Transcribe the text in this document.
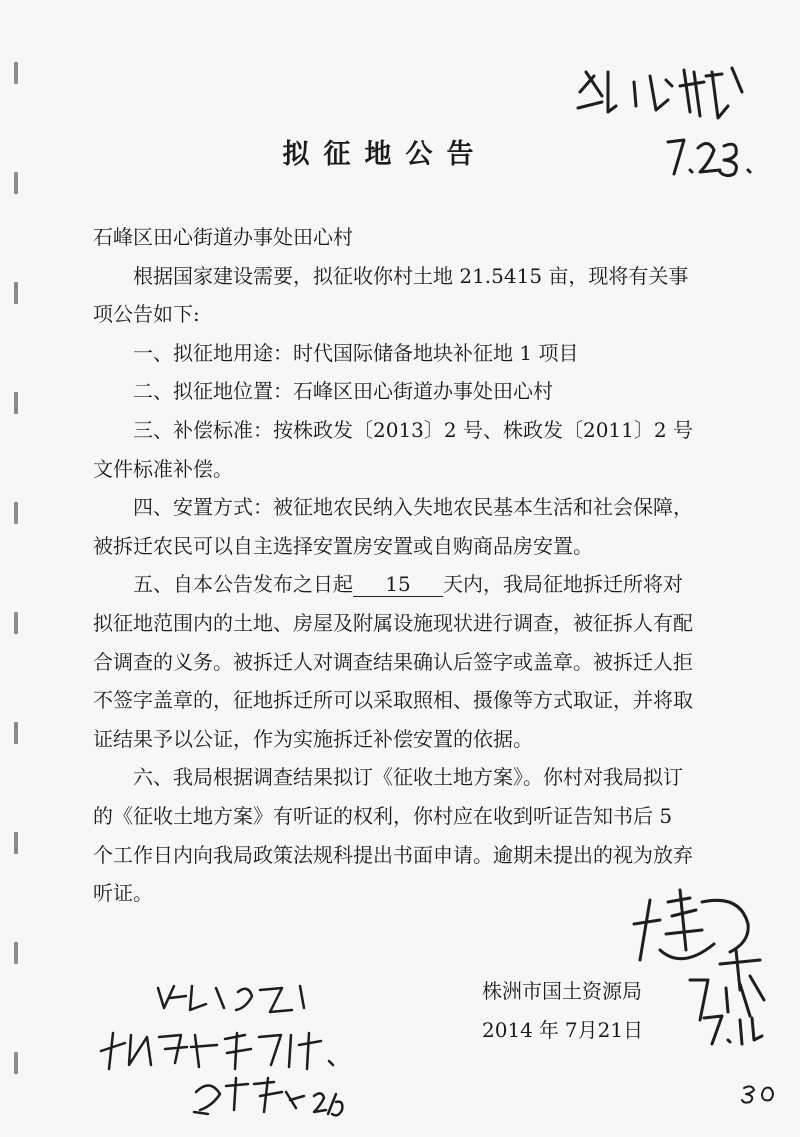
拟征地公告

石峰区田心街道办事处田心村

根据国家建设需要，拟征收你村土地 21.5415 亩，现将有关事项公告如下:

一、拟征地用途：时代国际储备地块补征地 1 项目

二、拟征地位置：石峰区田心街道办事处田心村

三、补偿标准：按株政发〔2013〕2 号、株政发〔2011〕2 号文件标准补偿。

四、安置方式：被征地农民纳入失地农民基本生活和社会保障，被拆迁农民可以自主选择安置房安置或自购商品房安置。

五、自本公告发布之日起 15 天内，我局征地拆迁所将对拟征地范围内的土地、房屋及附属设施现状进行调查，被征拆人有配合调查的义务。被拆迁人对调查结果确认后签字或盖章。被拆迁人拒不签字盖章的，征地拆迁所可以采取照相、摄像等方式取证，并将取证结果予以公证，作为实施拆迁补偿安置的依据。

六、我局根据调查结果拟订《征收土地方案》。你村对我局拟订的《征收土地方案》有听证的权利，你村应在收到听证告知书后 5 个工作日内向我局政策法规科提出书面申请。逾期未提出的视为放弃听证。

株洲市国土资源局
2014 年 7月21日
